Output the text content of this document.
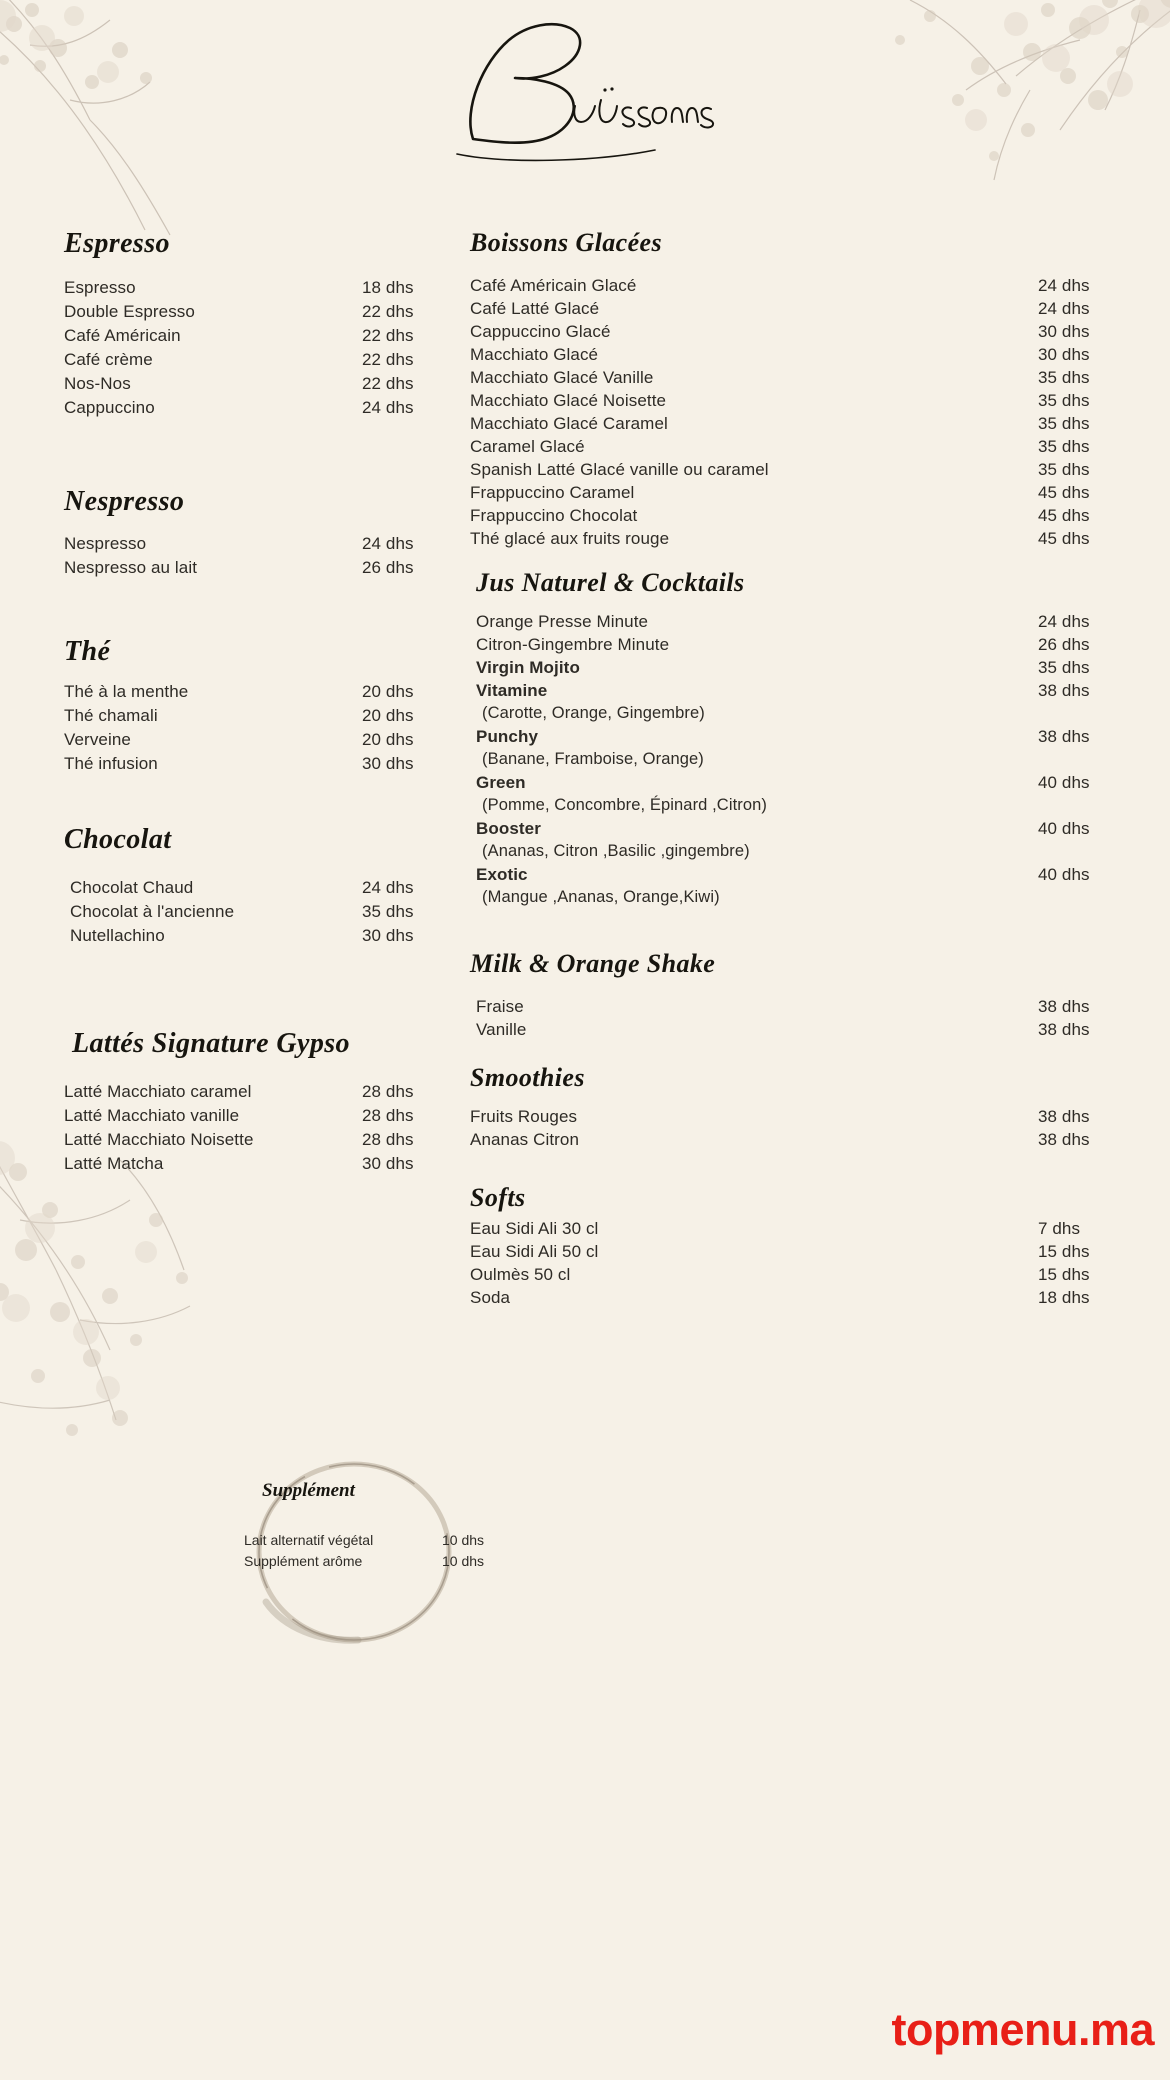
Espresso
Espresso	18 dhs
Double Espresso	22 dhs
Café Américain	22 dhs
Café crème	22 dhs
Nos-Nos	22 dhs
Cappuccino	24 dhs
Nespresso
Nespresso	24 dhs
Nespresso au lait	26 dhs
Thé
Thé à la menthe	20 dhs
Thé chamali	20 dhs
Verveine	20 dhs
Thé infusion	30 dhs
Chocolat
Chocolat Chaud	24 dhs
Chocolat à l'ancienne	35 dhs
Nutellachino	30 dhs
Lattés Signature Gypso
Latté Macchiato caramel	28 dhs
Latté Macchiato vanille	28 dhs
Latté Macchiato Noisette	28 dhs
Latté Matcha	30 dhs
Boissons Glacées
Café Américain Glacé	24 dhs
Café Latté Glacé	24 dhs
Cappuccino Glacé	30 dhs
Macchiato Glacé	30 dhs
Macchiato Glacé Vanille	35 dhs
Macchiato Glacé Noisette	35 dhs
Macchiato Glacé Caramel	35 dhs
Caramel Glacé	35 dhs
Spanish Latté Glacé vanille ou caramel	35 dhs
Frappuccino Caramel	45 dhs
Frappuccino Chocolat	45 dhs
Thé glacé aux fruits rouge	45 dhs
Jus Naturel & Cocktails
Orange Presse Minute	24 dhs
Citron-Gingembre Minute	26 dhs
Virgin Mojito	35 dhs
Vitamine	38 dhs
(Carotte, Orange, Gingembre)
Punchy	38 dhs
(Banane, Framboise, Orange)
Green	40 dhs
(Pomme, Concombre, Épinard ,Citron)
Booster	40 dhs
(Ananas, Citron ,Basilic ,gingembre)
Exotic	40 dhs
(Mangue ,Ananas, Orange,Kiwi)
Milk & Orange Shake
Fraise	38 dhs
Vanille	38 dhs
Smoothies
Fruits Rouges	38 dhs
Ananas Citron	38 dhs
Softs
Eau Sidi Ali 30 cl	7 dhs
Eau Sidi Ali 50 cl	15 dhs
Oulmès 50 cl	15 dhs
Soda	18 dhs
Supplément
Lait alternatif végétal	10 dhs
Supplément arôme	10 dhs
topmenu.ma
